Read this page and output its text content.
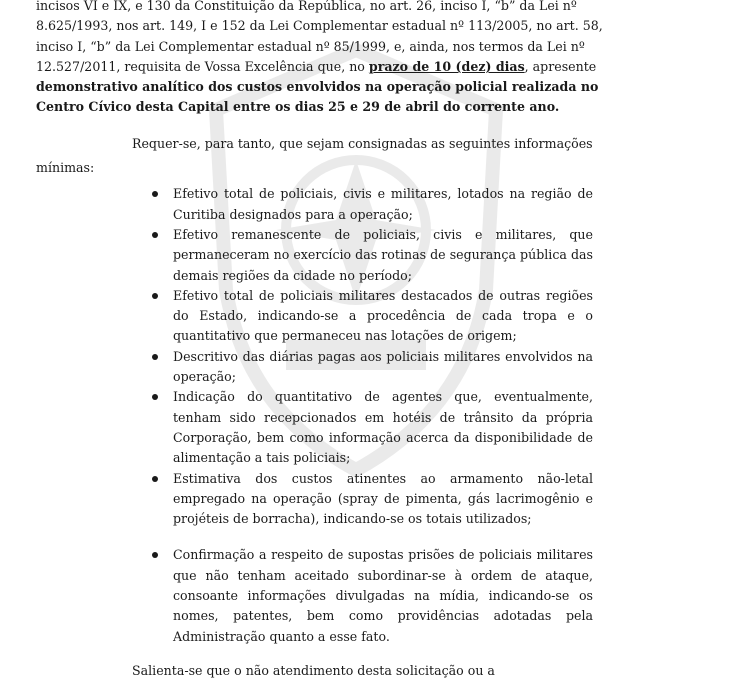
incisos VI e IX, e 130 da Constituição da República, no art. 26, inciso I, “b” da Lei nº
8.625/1993, nos art. 149, I e 152 da Lei Complementar estadual nº 113/2005, no art. 58,
inciso I, “b” da Lei Complementar estadual nº 85/1999, e, ainda, nos termos da Lei nº
12.527/2011, requisita de Vossa Excelência que, no prazo de 10 (dez) dias, apresente
demonstrativo analítico dos custos envolvidos na operação policial realizada no
Centro Cívico desta Capital entre os dias 25 e 29 de abril do corrente ano.

Requer-se, para tanto, que sejam consignadas as seguintes informações

mínimas:

Efetivo total de policiais, civis e militares, lotados na região de Curitiba designados para a operação;
Efetivo remanescente de policiais, civis e militares, que permaneceram no exercício das rotinas de segurança pública das demais regiões da cidade no período;
Efetivo total de policiais militares destacados de outras regiões do Estado, indicando-se a procedência de cada tropa e o quantitativo que permaneceu nas lotações de origem;
Descritivo das diárias pagas aos policiais militares envolvidos na operação;
Indicação do quantitativo de agentes que, eventualmente, tenham sido recepcionados em hotéis de trânsito da própria Corporação, bem como informação acerca da disponibilidade de alimentação a tais policiais;
Estimativa dos custos atinentes ao armamento não-letal empregado na operação (spray de pimenta, gás lacrimogênio e projéteis de borracha), indicando-se os totais utilizados;
Confirmação a respeito de supostas prisões de policiais militares que não tenham aceitado subordinar-se à ordem de ataque, consoante informações divulgadas na mídia, indicando-se os nomes, patentes, bem como providências adotadas pela Administração quanto a esse fato.

Salienta-se que o não atendimento desta solicitação ou a
